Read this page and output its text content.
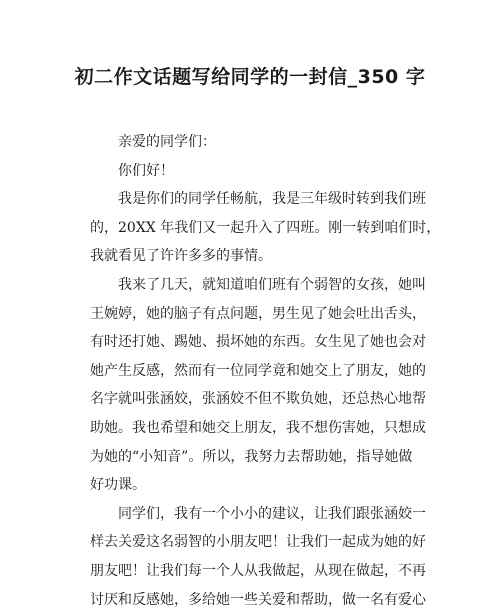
初二作文话题写给同学的一封信_350 字

亲爱的同学们：

你们好！

我是你们的同学任畅航，我是三年级时转到我们班

的，20XX 年我们又一起升入了四班。刚一转到咱们时，

我就看见了许许多多的事情。

我来了几天，就知道咱们班有个弱智的女孩，她叫

王婉婷，她的脑子有点问题，男生见了她会吐出舌头，

有时还打她、踢她、损坏她的东西。女生见了她也会对

她产生反感，然而有一位同学竟和她交上了朋友，她的

名字就叫张涵姣，张涵姣不但不欺负她，还总热心地帮

助她。我也希望和她交上朋友，我不想伤害她，只想成

为她的“小知音”。所以，我努力去帮助她，指导她做

好功课。

同学们，我有一个小小的建议，让我们跟张涵姣一

样去关爱这名弱智的小朋友吧！让我们一起成为她的好

朋友吧！让我们每一个人从我做起，从现在做起，不再

讨厌和反感她，多给她一些关爱和帮助，做一名有爱心
